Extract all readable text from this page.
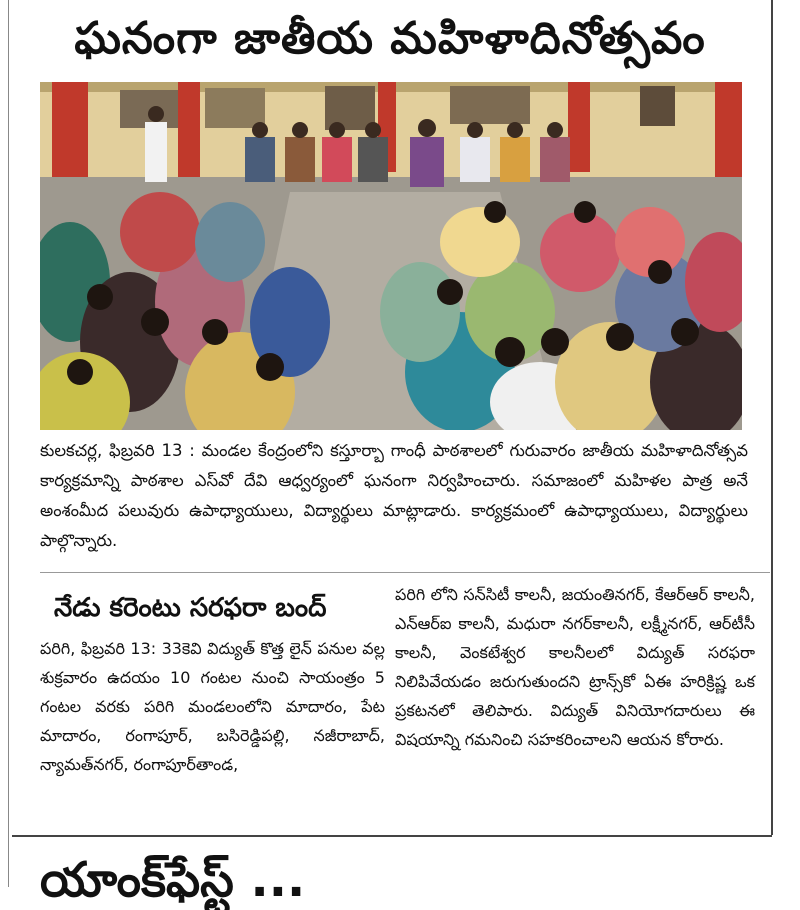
ఘనంగా జాతీయ మహిళాదినోత్సవం
కులకచర్ల, ఫిబ్రవరి 13 : మండల కేంద్రంలోని కస్తూర్బా గాంధీ పాఠశాలలో గురువారం జాతీయ మహిళాదినోత్సవ కార్యక్రమాన్ని పాఠశాల ఎస్‌వో దేవి ఆధ్వర్యంలో ఘనంగా నిర్వహించారు. సమాజంలో మహిళల పాత్ర అనే అంశంమీద పలువురు ఉపాధ్యాయులు, విద్యార్థులు మాట్లాడారు. కార్యక్రమంలో ఉపాధ్యాయులు, విద్యార్థులు పాల్గొన్నారు.
నేడు కరెంటు సరఫరా బంద్

పరిగి, ఫిబ్రవరి 13: 33కెవి విద్యుత్ కొత్త లైన్ పనుల వల్ల శుక్రవారం ఉదయం 10 గంటల నుంచి సాయంత్రం 5 గంటల వరకు పరిగి మండలంలోని మాదారం, పేట మాదారం, రంగాపూర్, బసిరెడ్డిపల్లి, నజీరాబాద్, న్యామత్‌నగర్, రంగాపూర్‌తాండ,

పరిగి లోని సన్‌సిటీ కాలనీ, జయంతినగర్, కేఆర్‌ఆర్ కాలనీ, ఎన్‌ఆర్‌ఐ కాలనీ, మధురా నగర్‌కాలనీ, లక్ష్మీనగర్, ఆర్‌టీసీ కాలనీ, వెంకటేశ్వర కాలనీలలో విద్యుత్ సరఫరా నిలిపివేయడం జరుగుతుందని ట్రాన్స్‌కో ఏఈ హరిక్రిష్ణ ఒక ప్రకటనలో తెలిపారు. విద్యుత్ వినియోగదారులు ఈ విషయాన్ని గమనించి సహకరించాలని ఆయన కోరారు.

యాంక్‌ఫేస్ట్ ...
